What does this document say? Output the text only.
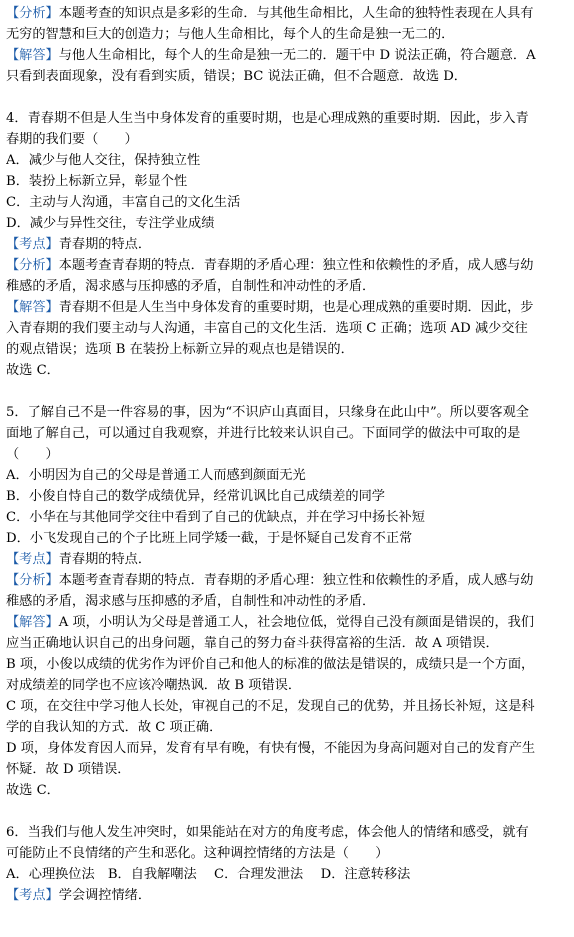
【分析】本题考查的知识点是多彩的生命．与其他生命相比，人生命的独特性表现在人具有
无穷的智慧和巨大的创造力；与他人生命相比，每个人的生命是独一无二的．
【解答】与他人生命相比，每个人的生命是独一无二的．题干中 D 说法正确，符合题意．A
只看到表面现象，没有看到实质，错误；BC 说法正确，但不合题意．故选 D．
4．青春期不但是人生当中身体发育的重要时期，也是心理成熟的重要时期．因此，步入青
春期的我们要（　　）
A．减少与他人交往，保持独立性
B．装扮上标新立异，彰显个性
C．主动与人沟通，丰富自己的文化生活
D．减少与异性交往，专注学业成绩
【考点】青春期的特点．
【分析】本题考查青春期的特点．青春期的矛盾心理：独立性和依赖性的矛盾，成人感与幼
稚感的矛盾，渴求感与压抑感的矛盾，自制性和冲动性的矛盾．
【解答】青春期不但是人生当中身体发育的重要时期，也是心理成熟的重要时期．因此，步
入青春期的我们要主动与人沟通，丰富自己的文化生活．选项 C 正确；选项 AD 减少交往
的观点错误；选项 B 在装扮上标新立异的观点也是错误的．
故选 C．
5．了解自己不是一件容易的事，因为“不识庐山真面目，只缘身在此山中”。所以要客观全
面地了解自己，可以通过自我观察，并进行比较来认识自己。下面同学的做法中可取的是
（　　）
A．小明因为自己的父母是普通工人而感到颜面无光
B．小俊自恃自己的数学成绩优异，经常讥讽比自己成绩差的同学
C．小华在与其他同学交往中看到了自己的优缺点，并在学习中扬长补短
D．小飞发现自己的个子比班上同学矮一截，于是怀疑自己发育不正常
【考点】青春期的特点．
【分析】本题考查青春期的特点．青春期的矛盾心理：独立性和依赖性的矛盾，成人感与幼
稚感的矛盾，渴求感与压抑感的矛盾，自制性和冲动性的矛盾．
【解答】A 项，小明认为父母是普通工人，社会地位低，觉得自己没有颜面是错误的，我们
应当正确地认识自己的出身问题，靠自己的努力奋斗获得富裕的生活．故 A 项错误．
B 项，小俊以成绩的优劣作为评价自己和他人的标准的做法是错误的，成绩只是一个方面，
对成绩差的同学也不应该冷嘲热讽．故 B 项错误．
C 项，在交往中学习他人长处，审视自己的不足，发现自己的优势，并且扬长补短，这是科
学的自我认知的方式．故 C 项正确．
D 项，身体发育因人而异，发育有早有晚，有快有慢，不能因为身高问题对自己的发育产生
怀疑．故 D 项错误．
故选 C．
6．当我们与他人发生冲突时，如果能站在对方的角度考虑，体会他人的情绪和感受，就有
可能防止不良情绪的产生和恶化。这种调控情绪的方法是（　　）
A．心理换位法　B．自我解嘲法　 C．合理发泄法　 D．注意转移法
【考点】学会调控情绪．
